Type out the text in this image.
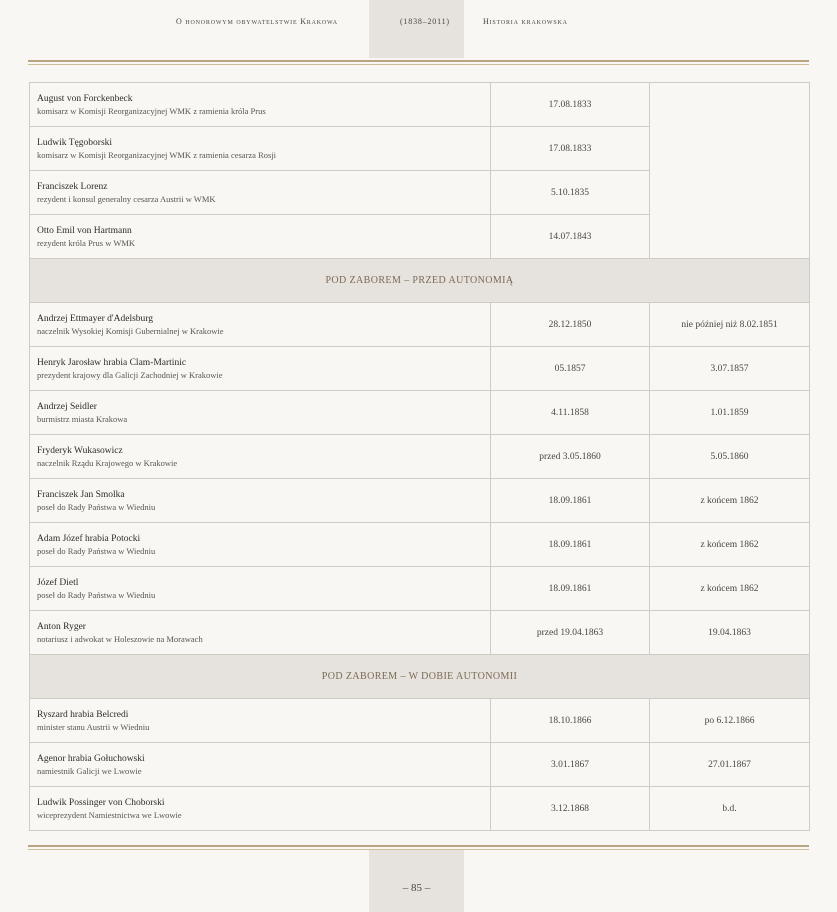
O honorowym obywatelstwie Krakowa	(1838–2011)	Historia krakowska
August von Forckenbeck
komisarz w Komisji Reorganizacyjnej WMK z ramienia króla Prus	17.08.1833	

Ludwik Tęgoborski
komisarz w Komisji Reorganizacyjnej WMK z ramienia cesarza Rosji	17.08.1833	

Franciszek Lorenz
rezydent i konsul generalny cesarza Austrii w WMK	5.10.1835	

Otto Emil von Hartmann
rezydent króla Prus w WMK	14.07.1843	
POD ZABOREM – PRZED AUTONOMIĄ		

Andrzej Ettmayer d'Adelsburg
naczelnik Wysokiej Komisji Gubernialnej w Krakowie	28.12.1850	nie później niż 8.02.1851

Henryk Jarosław hrabia Clam-Martinic
prezydent krajowy dla Galicji Zachodniej w Krakowie	05.1857	3.07.1857

Andrzej Seidler
burmistrz miasta Krakowa	4.11.1858	1.01.1859

Fryderyk Wukasowicz
naczelnik Rządu Krajowego w Krakowie	przed 3.05.1860	5.05.1860

Franciszek Jan Smolka
poseł do Rady Państwa w Wiedniu	18.09.1861	z końcem 1862

Adam Józef hrabia Potocki
poseł do Rady Państwa w Wiedniu	18.09.1861	z końcem 1862

Józef Dietl
poseł do Rady Państwa w Wiedniu	18.09.1861	z końcem 1862

Anton Ryger
notariusz i adwokat w Holeszowie na Morawach	przed 19.04.1863	19.04.1863
POD ZABOREM – W DOBIE AUTONOMII		

Ryszard hrabia Belcredi
minister stanu Austrii w Wiedniu	18.10.1866	po 6.12.1866

Agenor hrabia Gołuchowski
namiestnik Galicji we Lwowie	3.01.1867	27.01.1867

Ludwik Possinger von Choborski
wiceprezydent Namiestnictwa we Lwowie	3.12.1868	b.d.
– 85 –
